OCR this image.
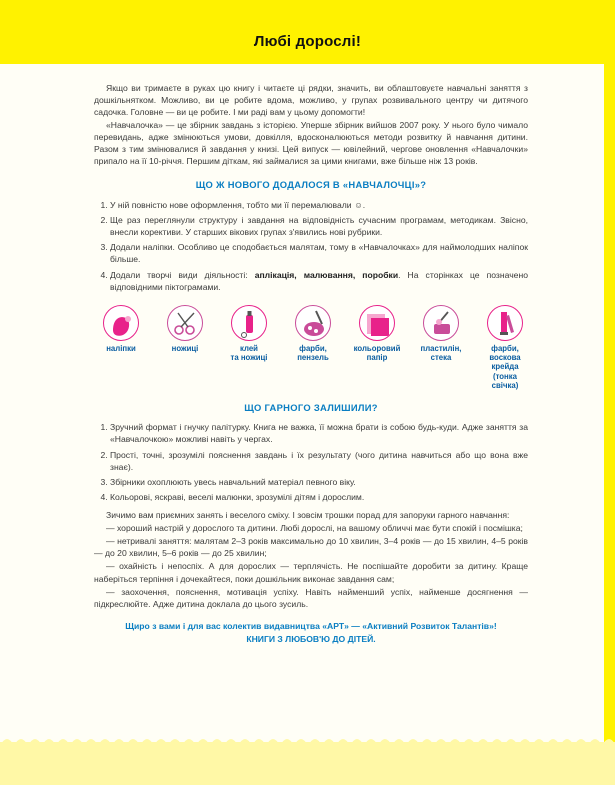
Любі дорослі!

Якщо ви тримаєте в руках цю книгу і читаєте ці рядки, значить, ви облаштовуєте навчальні заняття з дошкільнятком. Можливо, ви це робите вдома, можливо, у групах розвивального центру чи дитячого садочка. Головне — ви це робите. І ми раді вам у цьому допомогти!

«Навчалочка» — це збірник завдань з історією. Уперше збірник вийшов 2007 року. У нього було чимало перевидань, адже змінюються умови, довкілля, вдосконалюються методи розвитку й навчання дитини. Разом з тим змінювалися й завдання у книзі. Цей випуск — ювілейний, чергове оновлення «Навчалочки» припало на її 10-річчя. Першим діткам, які займалися за цими книгами, вже більше ніж 13 років.

ЩО Ж НОВОГО ДОДАЛОСЯ В «НАВЧАЛОЧЦІ»?
1. У ній повністю нове оформлення, тобто ми її перемалювали ☺.
2. Ще раз переглянули структуру і завдання на відповідність сучасним програмам, методикам. Звісно, внесли корективи. У старших вікових групах з'явились нові рубрики.
3. Додали наліпки. Особливо це сподобається малятам, тому в «Навчалочках» для наймолодших наліпок більше.
4. Додали творчі види діяльності: аплікація, малювання, поробки. На сторінках це позначено відповідними піктограмами.
наліпки	ножиці	клей
та ножиці
фарби,
пензель
кольоровий
папір
пластилін,
стека
фарби, воскова
крейда (тонка
свічка)
ЩО ГАРНОГО ЗАЛИШИЛИ?
1. Зручний формат і гнучку палітурку. Книга не важка, її можна брати із собою будь-куди. Адже заняття за «Навчалочкою» можливі навіть у чергах.
2. Прості, точні, зрозумілі пояснення завдань і їх результату (чого дитина навчиться або що вона вже знає).
3. Збірники охоплюють увесь навчальний матеріал певного віку.
4. Кольорові, яскраві, веселі малюнки, зрозумілі дітям і дорослим.

Зичимо вам приємних занять і веселого сміху. І зовсім трошки порад для запоруки гарного навчання:

— хороший настрій у дорослого та дитини. Любі дорослі, на вашому обличчі має бути спокій і посмішка;

— нетривалі заняття: малятам 2–3 років максимально до 10 хвилин, 3–4 років — до 15 хвилин, 4–5 років — до 20 хвилин, 5–6 років — до 25 хвилин;

— охайність і непоспіх. А для дорослих — терплячість. Не поспішайте доробити за дитину. Краще наберіться терпіння і дочекайтеся, поки дошкільник виконає завдання сам;

— заохочення, пояснення, мотивація успіху. Навіть найменший успіх, найменше досягнення — підкреслюйте. Адже дитина доклала до цього зусиль.

Щиро з вами і для вас колектив видавництва «АРТ» — «Активний Розвиток Талантів»!
КНИГИ З ЛЮБОВ'Ю ДО ДІТЕЙ.
